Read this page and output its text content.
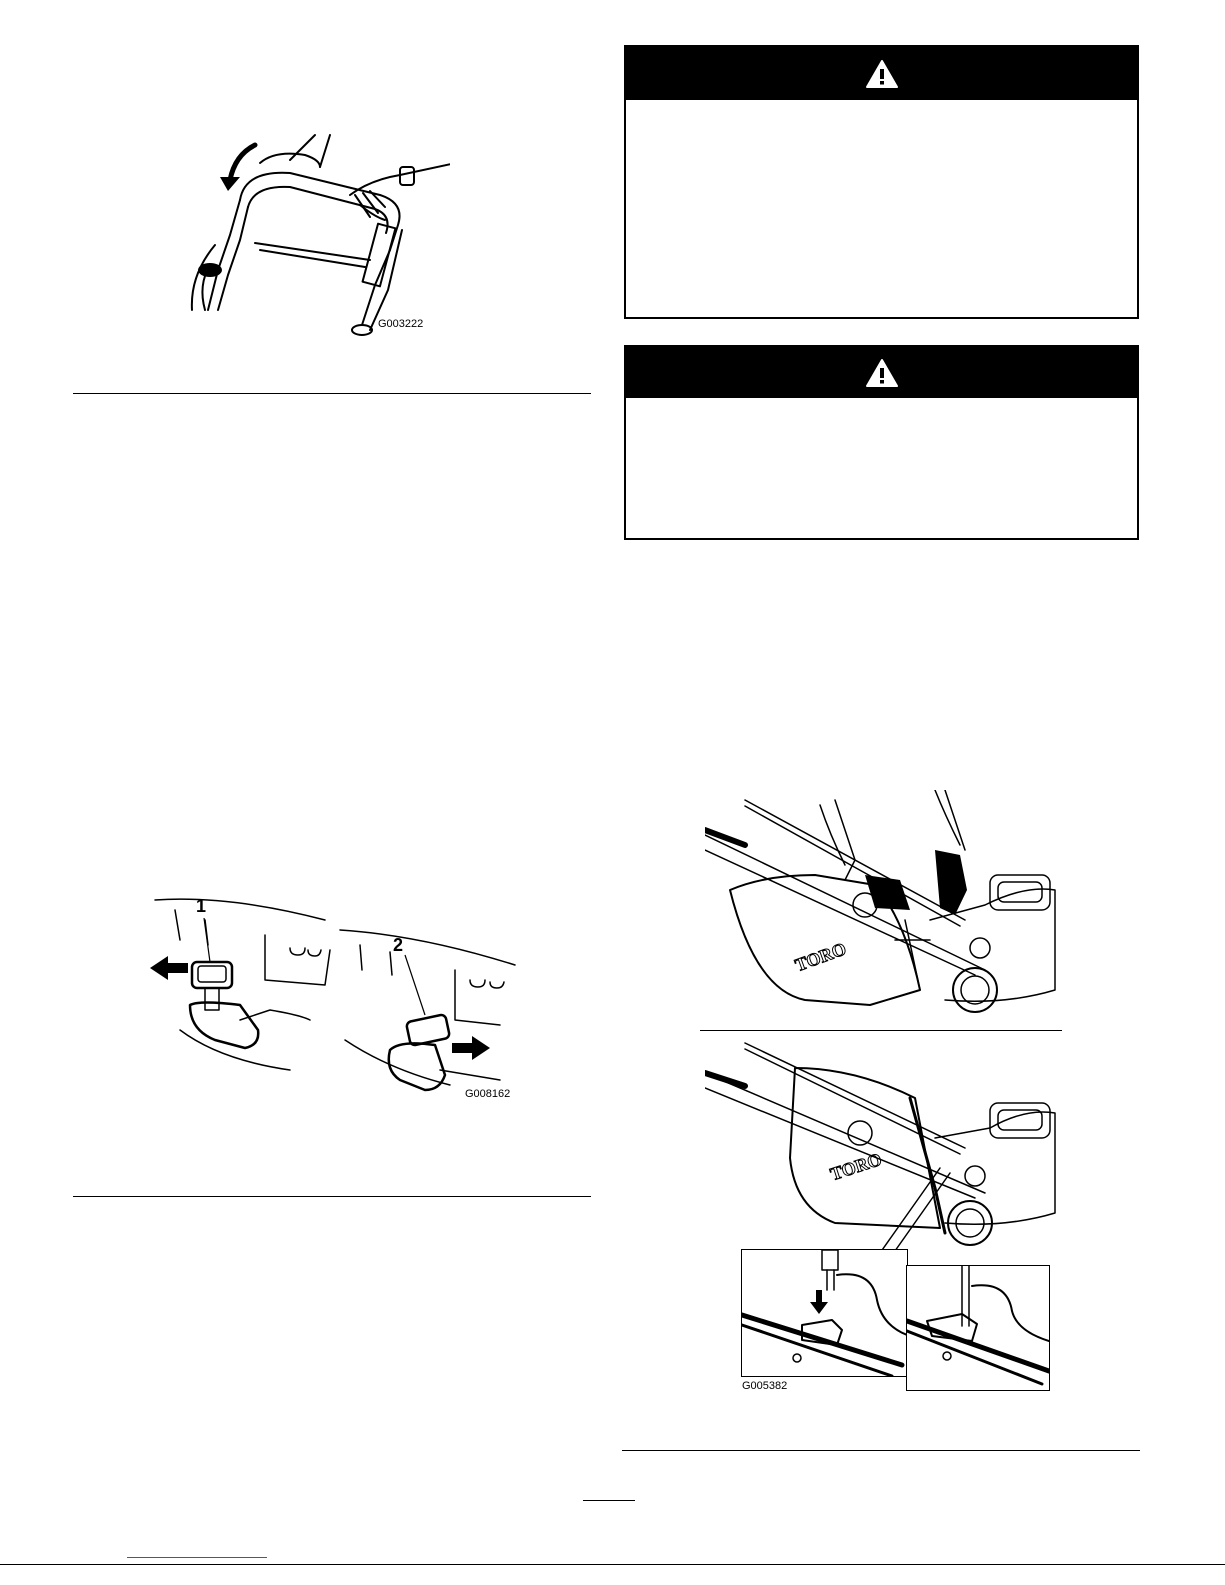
G003222
1
2
G008162
TORO
TORO
G005382
